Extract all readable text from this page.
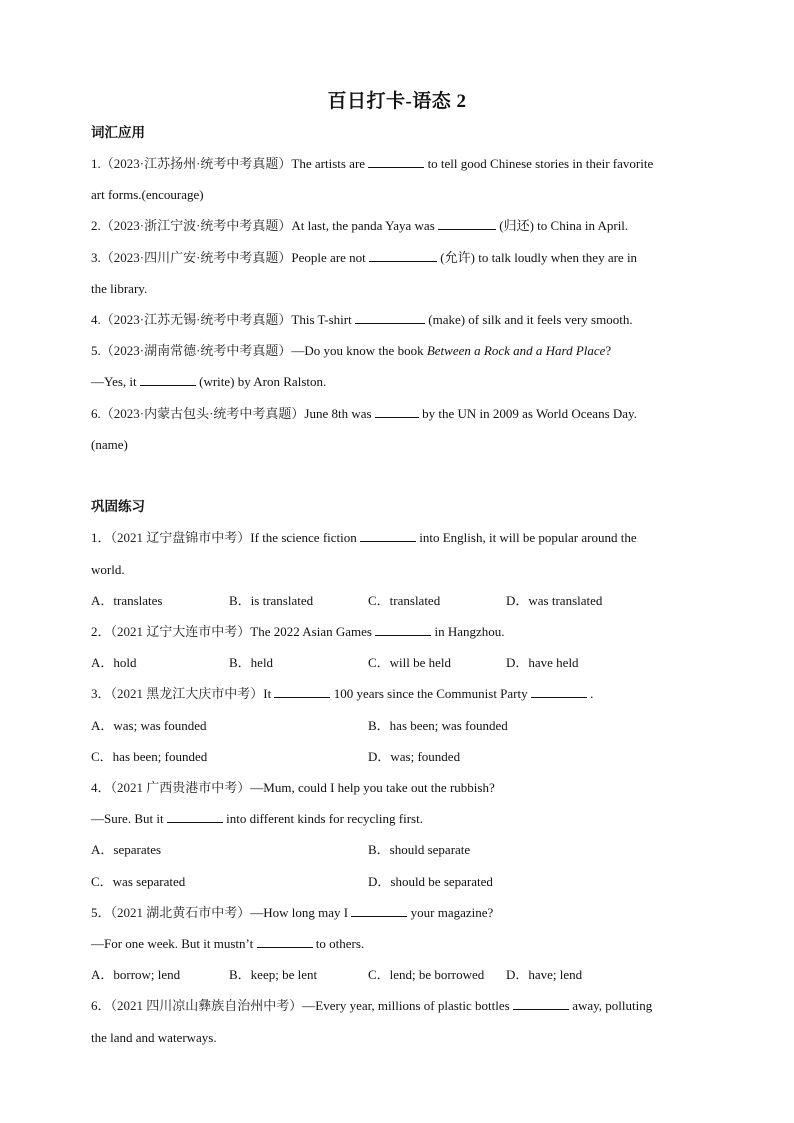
百日打卡-语态 2
词汇应用
1.（2023·江苏扬州·统考中考真题）The artists are	to tell good Chinese stories in their favorite
art forms.(encourage)
2.（2023·浙江宁波·统考中考真题）At last, the panda Yaya was	(归还) to China in April.
3.（2023·四川广安·统考中考真题）People are not	(允许) to talk loudly when they are in
the library.
4.（2023·江苏无锡·统考中考真题）This T-shirt	(make) of silk and it feels very smooth.
5.（2023·湖南常德·统考中考真题）—Do you know the book Between a Rock and a Hard Place?
—Yes, it	(write) by Aron Ralston.
6.（2023·内蒙古包头·统考中考真题）June 8th was	by the UN in 2009 as World Oceans Day.
(name)
巩固练习
1．（2021 辽宁盘锦市中考）If the science fiction	into English, it will be popular around the
world.
A．translates	B．is translated	C．translated	D．was translated
2．（2021 辽宁大连市中考）The 2022 Asian Games	in Hangzhou.
A．hold	B．held	C．will be held	D．have held
3．（2021 黑龙江大庆市中考）It	100 years since the Communist Party	.
A．was; was founded	B．has been; was founded
C．has been; founded	D．was; founded
4．（2021 广西贵港市中考）—Mum, could I help you take out the rubbish?
—Sure. But it	into different kinds for recycling first.
A．separates	B．should separate
C．was separated	D．should be separated
5．（2021 湖北黄石市中考）—How long may I	your magazine?
—For one week. But it mustn’t	to others.
A．borrow; lend	B．keep; be lent	C．lend; be borrowed D．have; lend
6．（2021 四川凉山彝族自治州中考）—Every year, millions of plastic bottles	away, polluting
the land and waterways.
